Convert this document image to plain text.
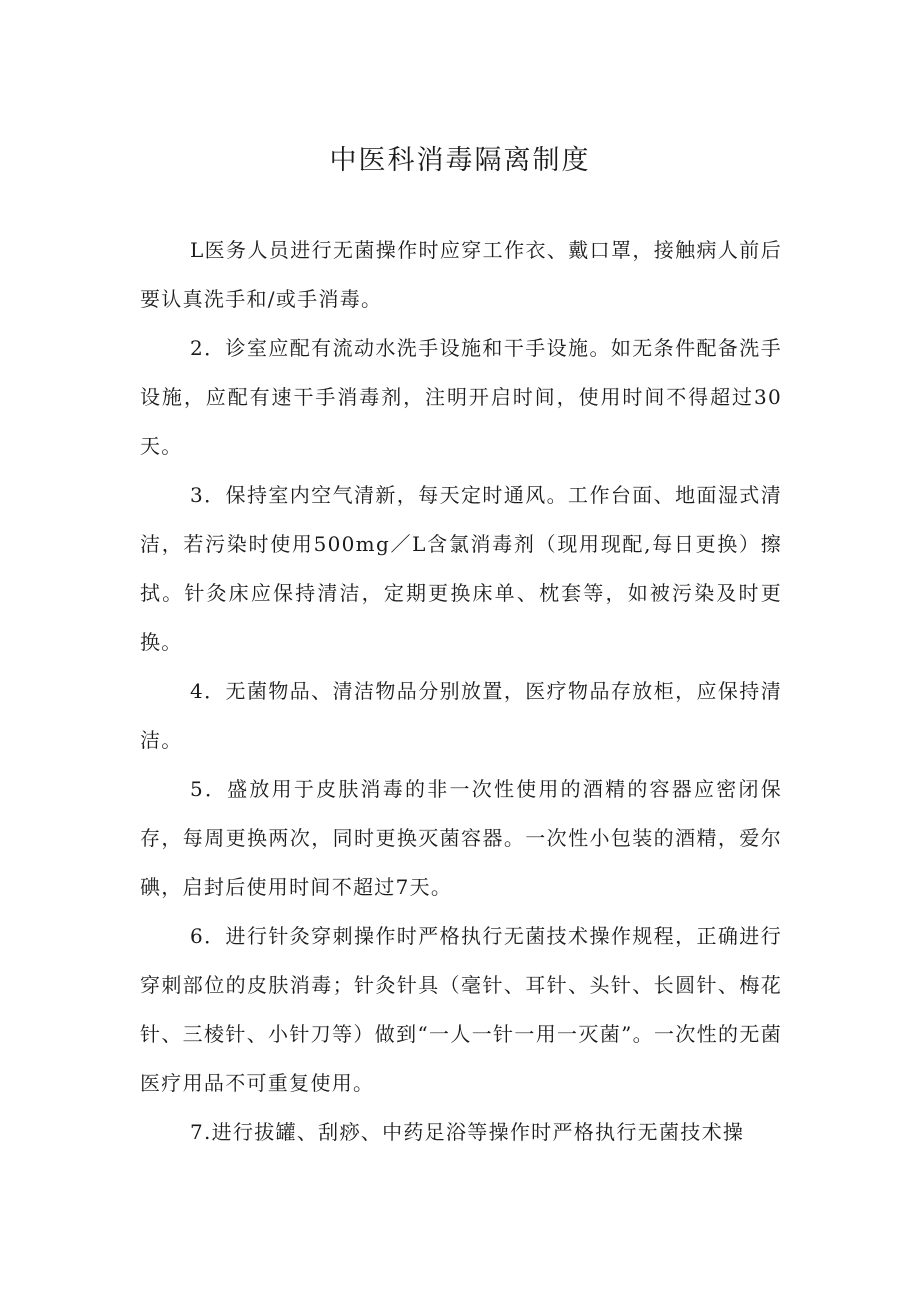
中医科消毒隔离制度

L医务人员进行无菌操作时应穿工作衣、戴口罩，接触病人前后要认真洗手和/或手消毒。

2．诊室应配有流动水洗手设施和干手设施。如无条件配备洗手设施，应配有速干手消毒剂，注明开启时间，使用时间不得超过30天。

3．保持室内空气清新，每天定时通风。工作台面、地面湿式清洁，若污染时使用500mg／L含氯消毒剂（现用现配,每日更换）擦拭。针灸床应保持清洁，定期更换床单、枕套等，如被污染及时更换。

4．无菌物品、清洁物品分别放置，医疗物品存放柜，应保持清洁。

5．盛放用于皮肤消毒的非一次性使用的酒精的容器应密闭保存，每周更换两次，同时更换灭菌容器。一次性小包装的酒精，爱尔碘，启封后使用时间不超过7天。

6．进行针灸穿刺操作时严格执行无菌技术操作规程，正确进行穿刺部位的皮肤消毒；针灸针具（毫针、耳针、头针、长圆针、梅花针、三棱针、小针刀等）做到“一人一针一用一灭菌”。一次性的无菌医疗用品不可重复使用。

7.进行拔罐、刮痧、中药足浴等操作时严格执行无菌技术操
